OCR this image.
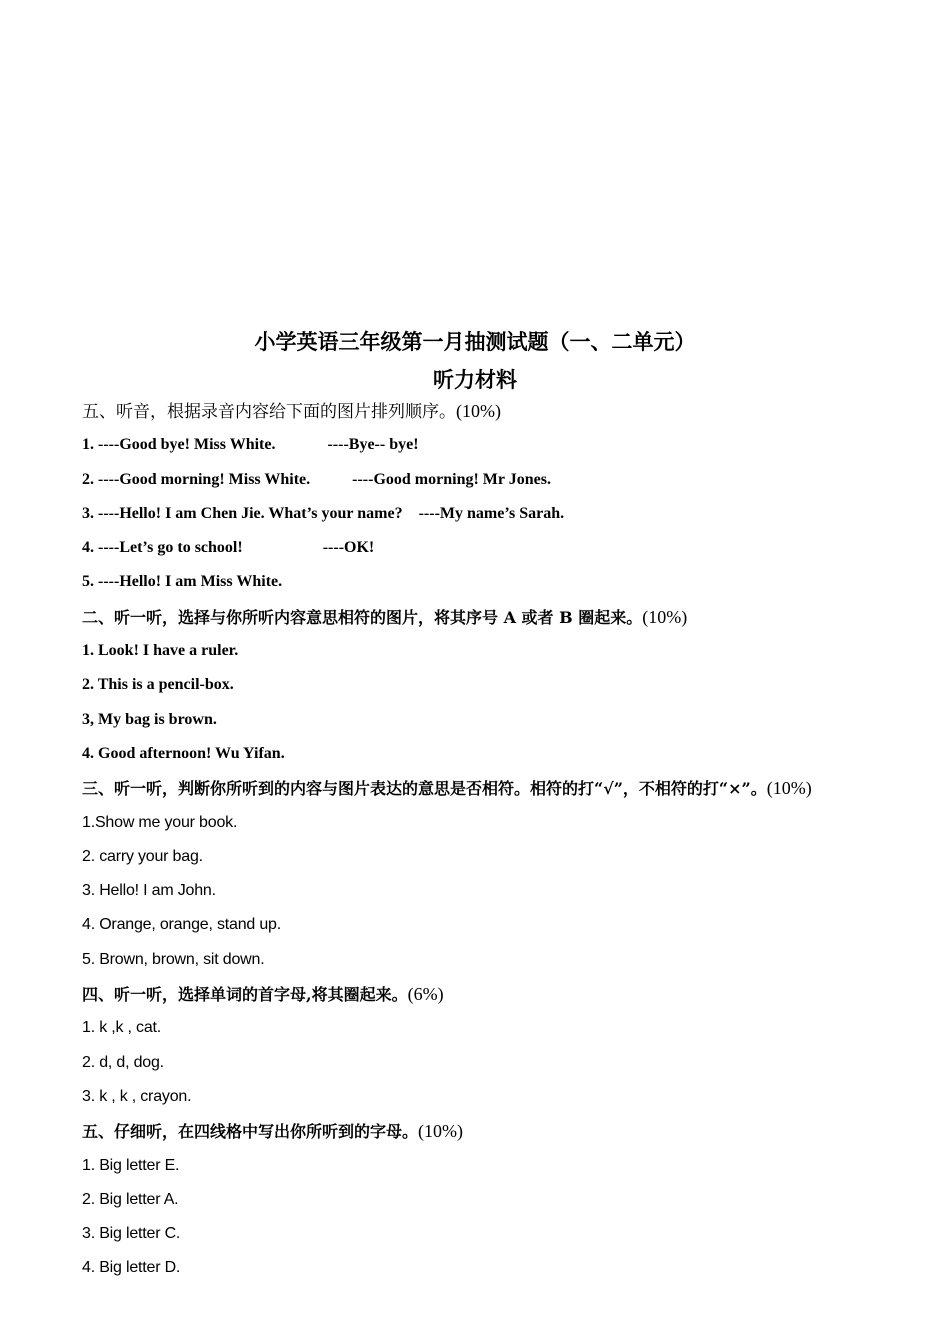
小学英语三年级第一月抽测试题（一、二单元）
听力材料
五、听音，根据录音内容给下面的图片排列顺序。(10%)
1. ----Good bye! Miss White.	----Bye-- bye!
2. ----Good morning! Miss White.	----Good morning! Mr Jones.
3. ----Hello! I am Chen Jie. What’s your name? ----My name’s Sarah.
4. ----Let’s go to school!	----OK!
5. ----Hello! I am Miss White.
二、听一听，选择与你所听内容意思相符的图片，将其序号 A 或者 B 圈起来。(10%)
1. Look! I have a ruler.
2. This is a pencil-box.
3, My bag is brown.
4. Good afternoon! Wu Yifan.
三、听一听，判断你所听到的内容与图片表达的意思是否相符。相符的打“√”，不相符的打“×”。(10%)
1.Show me your book.
2. carry your bag.
3. Hello! I am John.
4. Orange, orange, stand up.
5. Brown, brown, sit down.
四、听一听，选择单词的首字母,将其圈起来。(6%)
1. k ,k , cat.
2. d, d, dog.
3. k , k , crayon.
五、仔细听，在四线格中写出你所听到的字母。(10%)
1. Big letter E.
2. Big letter A.
3. Big letter C.
4. Big letter D.
